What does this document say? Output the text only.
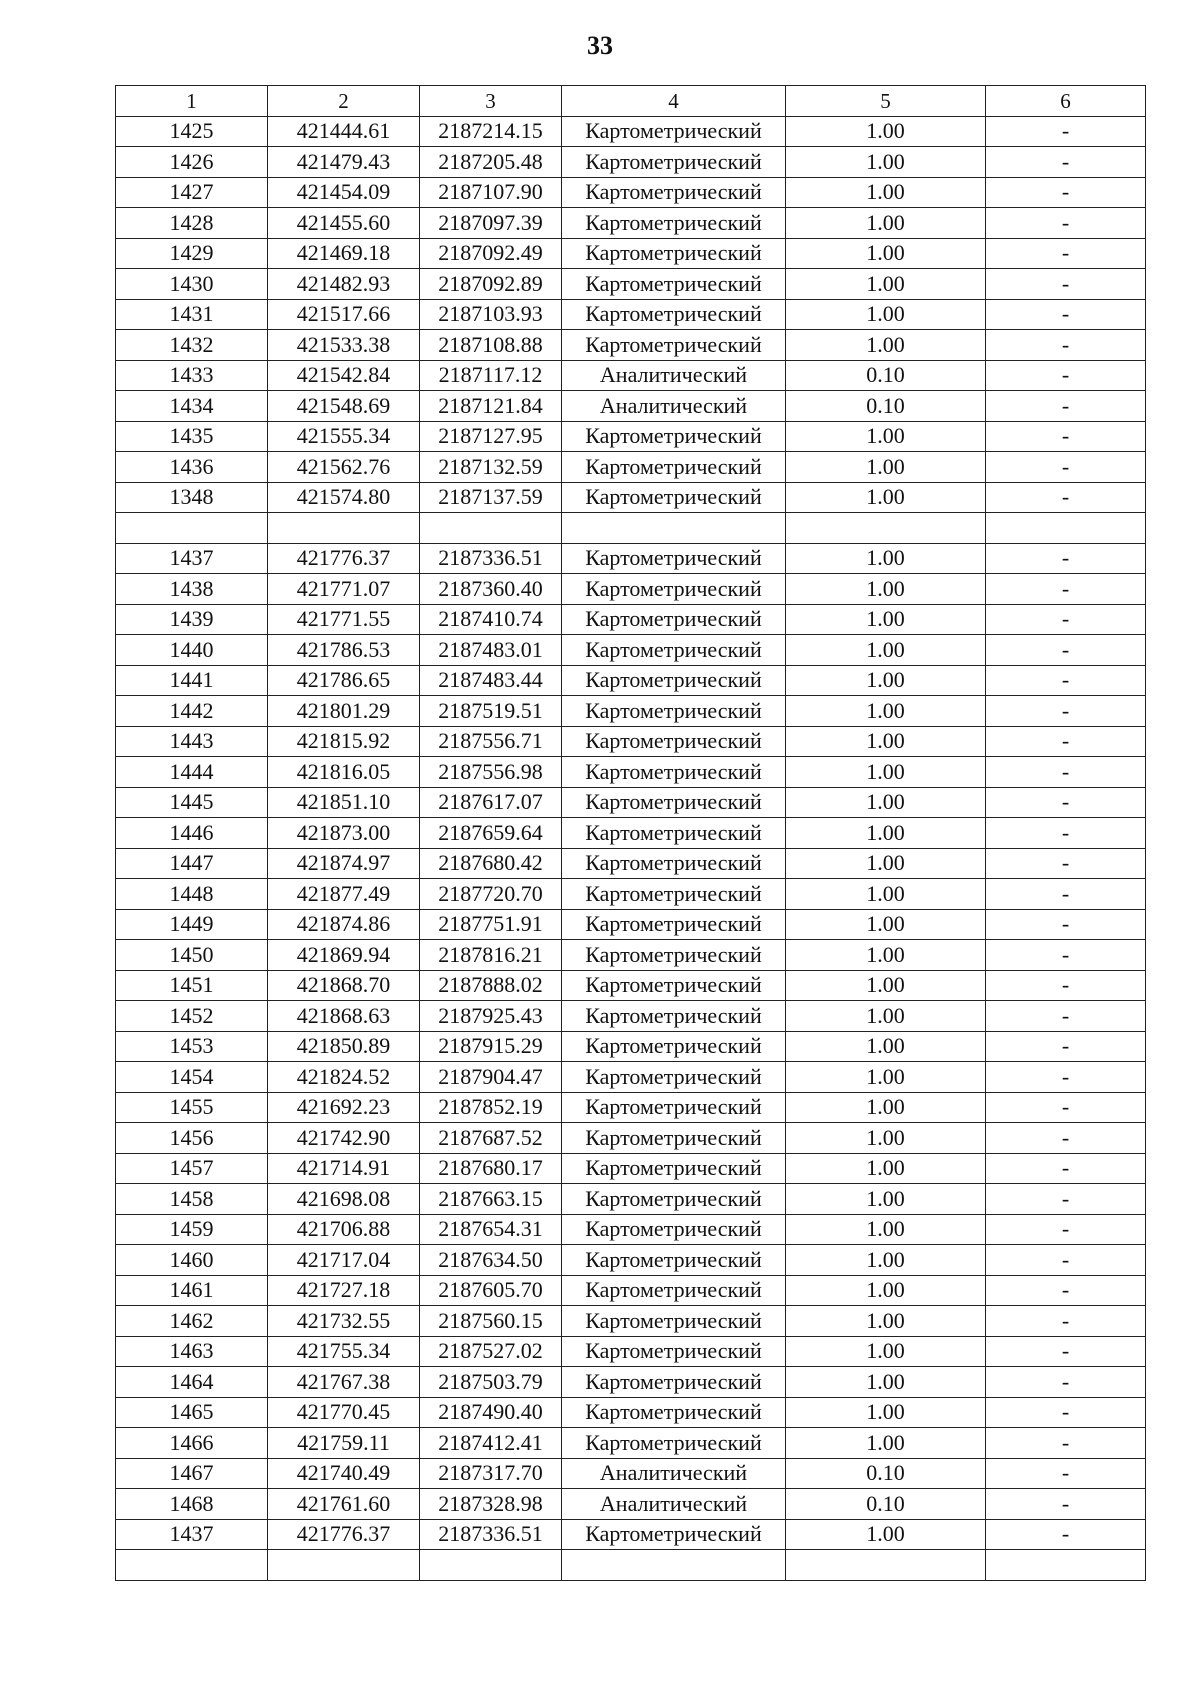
33
1	2	3	4	5	6
1425	421444.61	2187214.15	Картометрический	1.00	-
1426	421479.43	2187205.48	Картометрический	1.00	-
1427	421454.09	2187107.90	Картометрический	1.00	-
1428	421455.60	2187097.39	Картометрический	1.00	-
1429	421469.18	2187092.49	Картометрический	1.00	-
1430	421482.93	2187092.89	Картометрический	1.00	-
1431	421517.66	2187103.93	Картометрический	1.00	-
1432	421533.38	2187108.88	Картометрический	1.00	-
1433	421542.84	2187117.12	Аналитический	0.10	-
1434	421548.69	2187121.84	Аналитический	0.10	-
1435	421555.34	2187127.95	Картометрический	1.00	-
1436	421562.76	2187132.59	Картометрический	1.00	-
1348	421574.80	2187137.59	Картометрический	1.00	-

1437	421776.37	2187336.51	Картометрический	1.00	-
1438	421771.07	2187360.40	Картометрический	1.00	-
1439	421771.55	2187410.74	Картометрический	1.00	-
1440	421786.53	2187483.01	Картометрический	1.00	-
1441	421786.65	2187483.44	Картометрический	1.00	-
1442	421801.29	2187519.51	Картометрический	1.00	-
1443	421815.92	2187556.71	Картометрический	1.00	-
1444	421816.05	2187556.98	Картометрический	1.00	-
1445	421851.10	2187617.07	Картометрический	1.00	-
1446	421873.00	2187659.64	Картометрический	1.00	-
1447	421874.97	2187680.42	Картометрический	1.00	-
1448	421877.49	2187720.70	Картометрический	1.00	-
1449	421874.86	2187751.91	Картометрический	1.00	-
1450	421869.94	2187816.21	Картометрический	1.00	-
1451	421868.70	2187888.02	Картометрический	1.00	-
1452	421868.63	2187925.43	Картометрический	1.00	-
1453	421850.89	2187915.29	Картометрический	1.00	-
1454	421824.52	2187904.47	Картометрический	1.00	-
1455	421692.23	2187852.19	Картометрический	1.00	-
1456	421742.90	2187687.52	Картометрический	1.00	-
1457	421714.91	2187680.17	Картометрический	1.00	-
1458	421698.08	2187663.15	Картометрический	1.00	-
1459	421706.88	2187654.31	Картометрический	1.00	-
1460	421717.04	2187634.50	Картометрический	1.00	-
1461	421727.18	2187605.70	Картометрический	1.00	-
1462	421732.55	2187560.15	Картометрический	1.00	-
1463	421755.34	2187527.02	Картометрический	1.00	-
1464	421767.38	2187503.79	Картометрический	1.00	-
1465	421770.45	2187490.40	Картометрический	1.00	-
1466	421759.11	2187412.41	Картометрический	1.00	-
1467	421740.49	2187317.70	Аналитический	0.10	-
1468	421761.60	2187328.98	Аналитический	0.10	-
1437	421776.37	2187336.51	Картометрический	1.00	-
